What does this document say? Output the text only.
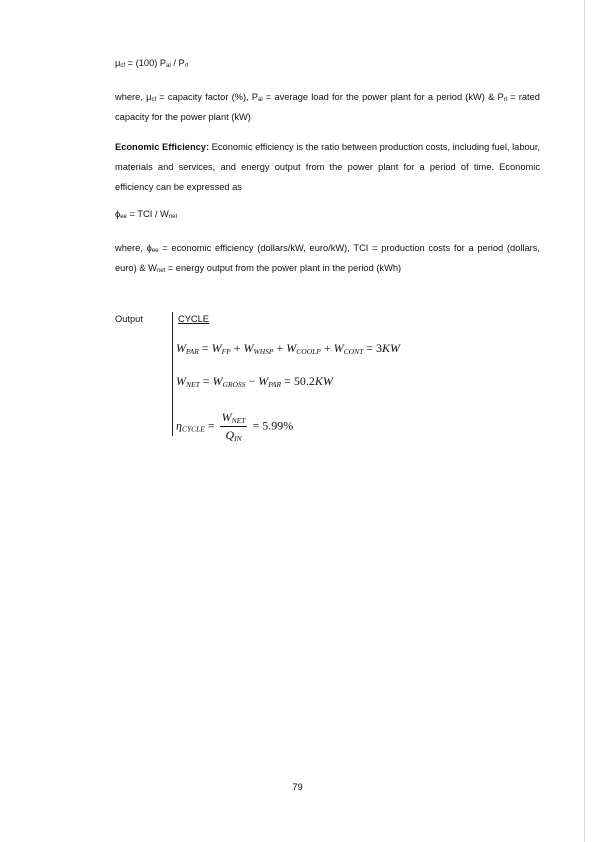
$\mu_{cf} = (100)$ $P_{al} / P_{rl}$
where, $\mu_{cf}$ = capacity factor (%), $P_{al}$ = average load for the power plant for a period (kW) & $P_{rl}$ = rated capacity for the power plant (kW)
Economic Efficiency: Economic efficiency is the ratio between production costs, including fuel, labour, materials and services, and energy output from the power plant for a period of time. Economic efficiency can be expressed as
$\phi_{ee}$ = TCI / $W_{net}$
where, $\phi_{ee}$ = economic efficiency (dollars/kW, euro/kW), TCI = production costs for a period (dollars, euro) & $W_{net}$ = energy output from the power plant in the period (kWh)
Output	CYCLE
$W_{PAR} = W_{FP} + W_{WHSP} + W_{COOLP} + W_{CONT} = 3KW$
$W_{NET} = W_{GROSS} - W_{PAR} = 50.2KW$
$\eta_{CYCLE} = \frac{W_{NET}}{Q_{IN}} = 5.99\%$
79
